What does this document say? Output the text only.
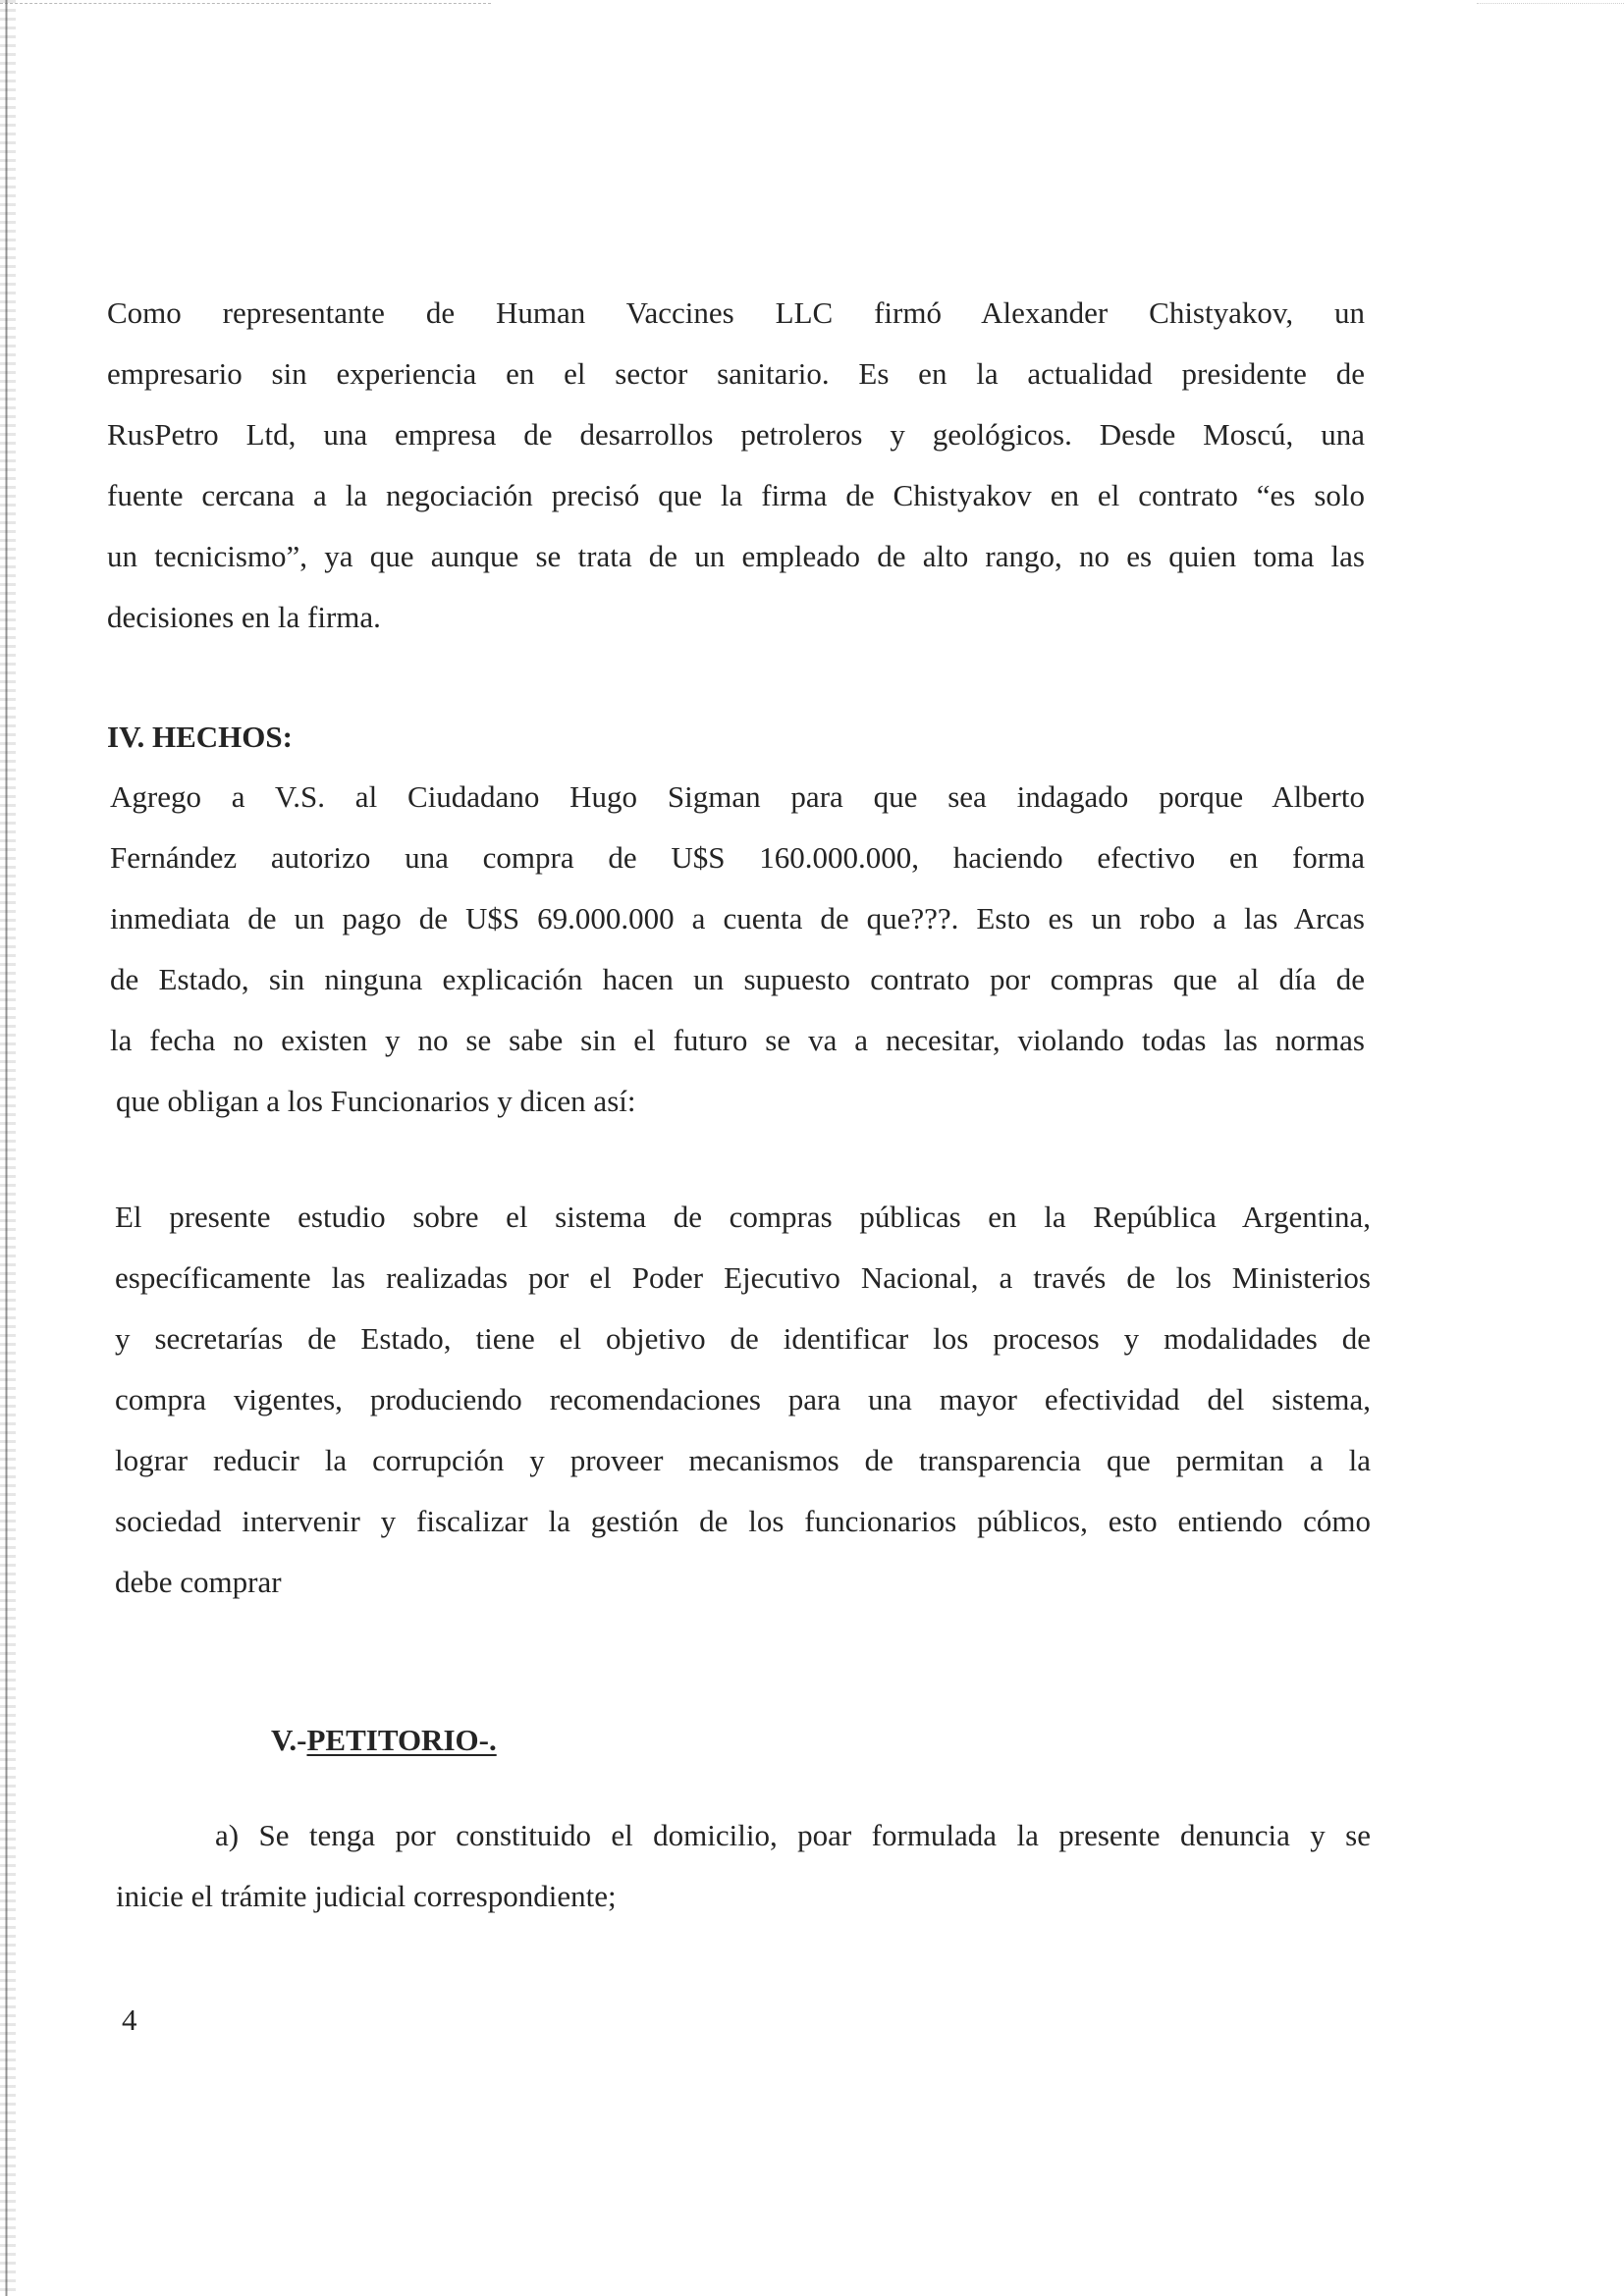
Como representante de Human Vaccines LLC firmó Alexander Chistyakov, un
empresario sin experiencia en el sector sanitario. Es en la actualidad presidente de
RusPetro Ltd, una empresa de desarrollos petroleros y geológicos. Desde Moscú, una
fuente cercana a la negociación precisó que la firma de Chistyakov en el contrato “es solo
un tecnicismo”, ya que aunque se trata de un empleado de alto rango, no es quien toma las
decisiones en la firma.
IV. HECHOS:
Agrego a V.S. al Ciudadano Hugo Sigman para que sea indagado porque Alberto
Fernández autorizo una compra de U$S 160.000.000, haciendo efectivo en forma
inmediata de un pago de U$S 69.000.000 a cuenta de que???. Esto es un robo a las Arcas
de Estado, sin ninguna explicación hacen un supuesto contrato por compras que al día de
la fecha no existen y no se sabe sin el futuro se va a necesitar, violando todas las normas
que obligan a los Funcionarios y dicen así:
El presente estudio sobre el sistema de compras públicas en la República Argentina,
específicamente las realizadas por el Poder Ejecutivo Nacional, a través de los Ministerios
y secretarías de Estado, tiene el objetivo de identificar los procesos y modalidades de
compra vigentes, produciendo recomendaciones para una mayor efectividad del sistema,
lograr reducir la corrupción y proveer mecanismos de transparencia que permitan a la
sociedad intervenir y fiscalizar la gestión de los funcionarios públicos, esto entiendo cómo
debe comprar
V.-PETITORIO-.
a) Se tenga por constituido el domicilio, poar formulada la presente denuncia y se
inicie el trámite judicial correspondiente;
4
